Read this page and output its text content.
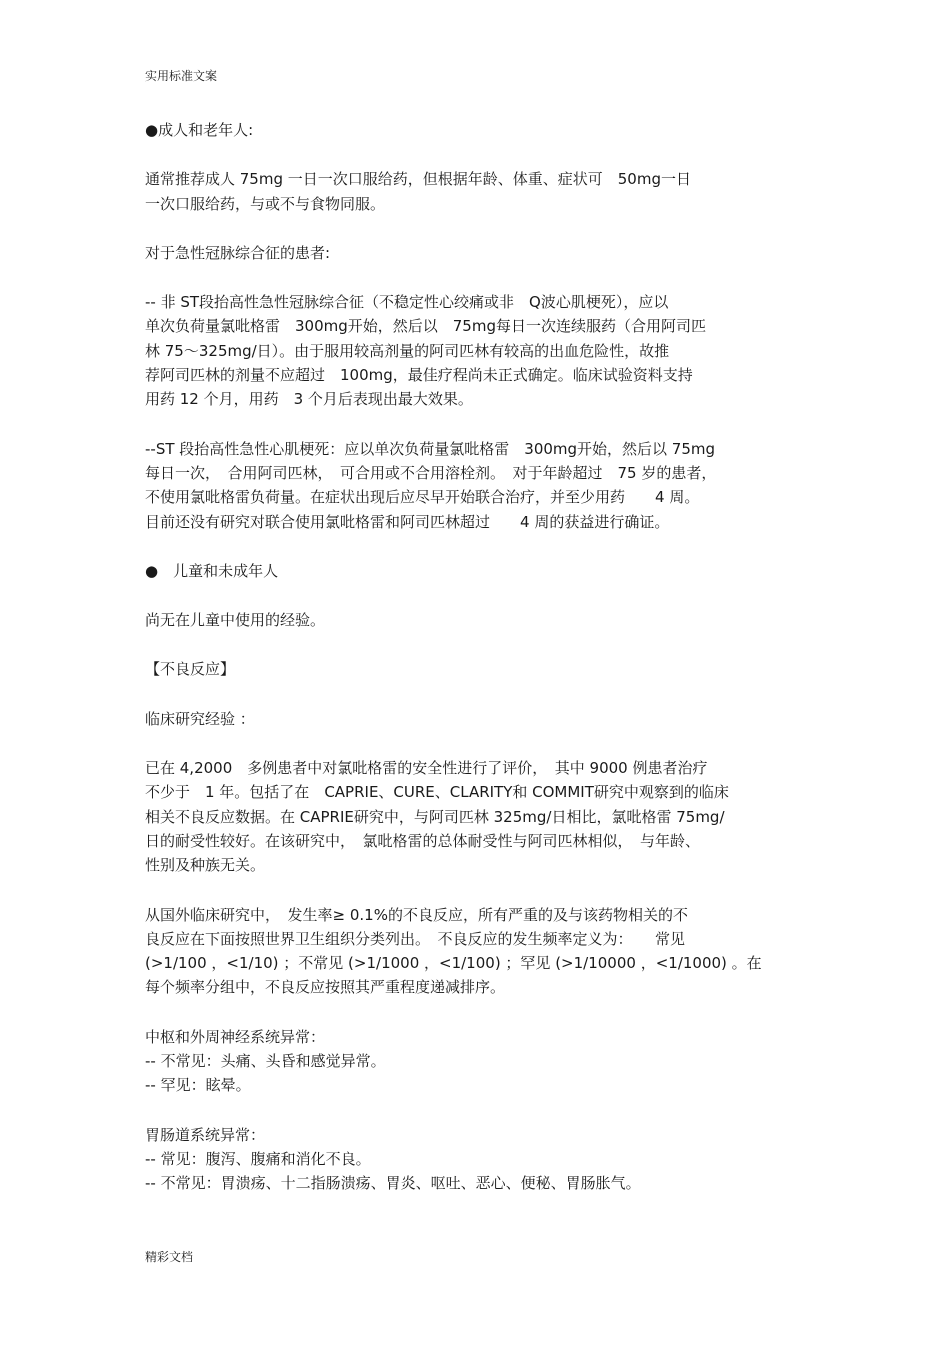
实用标准文案

●成人和老年人:

通常推荐成人 75mg 一日一次口服给药，但根据年龄、体重、症状可　50mg一日

一次口服给药，与或不与食物同服。

对于急性冠脉综合征的患者:

-- 非 ST段抬高性急性冠脉综合征（不稳定性心绞痛或非　Q波心肌梗死），应以

单次负荷量氯吡格雷　300mg开始，然后以　75mg每日一次连续服药（合用阿司匹

林 75～325mg/日）。由于服用较高剂量的阿司匹林有较高的出血危险性，故推

荐阿司匹林的剂量不应超过　100mg，最佳疗程尚未正式确定。临床试验资料支持

用药 12 个月，用药　3 个月后表现出最大效果。

--ST 段抬高性急性心肌梗死：应以单次负荷量氯吡格雷　300mg开始，然后以 75mg

每日一次，　合用阿司匹林，　可合用或不合用溶栓剂。　对于年龄超过　75 岁的患者，

不使用氯吡格雷负荷量。在症状出现后应尽早开始联合治疗，并至少用药　　4 周。

目前还没有研究对联合使用氯吡格雷和阿司匹林超过　　4 周的获益进行确证。

●　儿童和未成年人

尚无在儿童中使用的经验。

【不良反应】

临床研究经验 ：

已在 4,2000　多例患者中对氯吡格雷的安全性进行了评价，　其中 9000 例患者治疗

不少于　1 年。包括了在　CAPRIE、CURE、CLARITY和 COMMIT研究中观察到的临床

相关不良反应数据。在 CAPRIE研究中，与阿司匹林 325mg/日相比，氯吡格雷 75mg/

日的耐受性较好。在该研究中，　氯吡格雷的总体耐受性与阿司匹林相似，　与年龄、

性别及种族无关。

从国外临床研究中，　发生率≥ 0.1%的不良反应，所有严重的及与该药物相关的不

良反应在下面按照世界卫生组织分类列出。　不良反应的发生频率定义为：　　常见

(>1/100 ，<1/10) ；不常见 (>1/1000 ，<1/100) ；罕见 (>1/10000 ，<1/1000) 。在

每个频率分组中，不良反应按照其严重程度递减排序。

中枢和外周神经系统异常：

-- 不常见：头痛、头昏和感觉异常。

-- 罕见：眩晕。

胃肠道系统异常：

-- 常见：腹泻、腹痛和消化不良。

-- 不常见：胃溃疡、十二指肠溃疡、胃炎、呕吐、恶心、便秘、胃肠胀气。

精彩文档
